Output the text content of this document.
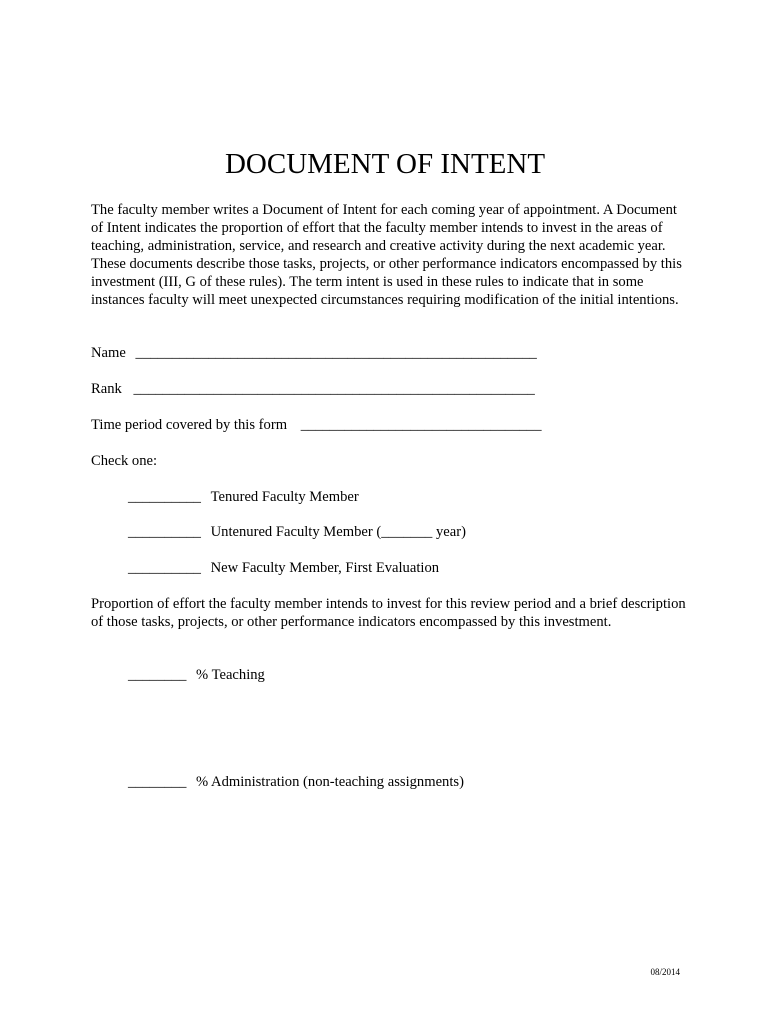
DOCUMENT OF INTENT

The faculty member writes a Document of Intent for each coming year of appointment. A Document of Intent indicates the proportion of effort that the faculty member intends to invest in the areas of teaching, administration, service, and research and creative activity during the next academic year. These documents describe those tasks, projects, or other performance indicators encompassed by this investment (III, G of these rules). The term intent is used in these rules to indicate that in some instances faculty will meet unexpected circumstances requiring modification of the initial intentions.

Name _______________________________________________________
Rank _______________________________________________________
Time period covered by this form _________________________________
Check one:
__________ Tenured Faculty Member
__________ Untenured Faculty Member (_______ year)
__________ New Faculty Member, First Evaluation

Proportion of effort the faculty member intends to invest for this review period and a brief description of those tasks, projects, or other performance indicators encompassed by this investment.

________ % Teaching
________ % Administration (non-teaching assignments)
08/2014
